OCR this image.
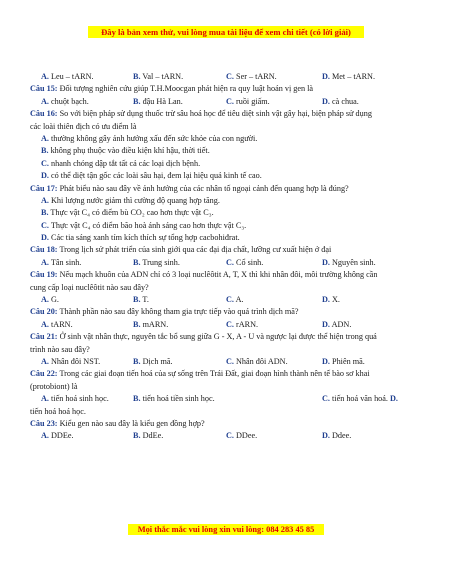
Đây là bản xem thử, vui lòng mua tài liệu để xem chi tiết (có lời giải)
A. Leu – tARN.	B. Val – tARN.	C. Ser – tARN.	D. Met – tARN.
Câu 15: Đối tượng nghiên cứu giúp T.H.Moocgan phát hiện ra quy luật hoán vị gen là
A. chuột bạch.	B. đậu Hà Lan.	C. ruồi giấm.	D. cà chua.
Câu 16: So với biện pháp sử dụng thuốc trừ sâu hoá học để tiêu diệt sinh vật gây hại, biện pháp sử dụng
các loài thiên địch có ưu điểm là
A. thường không gây ảnh hưởng xấu đến sức khỏe của con người.
B. không phụ thuộc vào điều kiện khí hậu, thời tiết.
C. nhanh chóng dập tắt tất cả các loại dịch bệnh.
D. có thể diệt tận gốc các loài sâu hại, đem lại hiệu quả kinh tế cao.
Câu 17: Phát biểu nào sau đây về ảnh hưởng của các nhân tố ngoại cảnh đến quang hợp là đúng?
A. Khi lượng nước giảm thì cường độ quang hợp tăng.
B. Thực vật C₄ có điểm bù CO₂ cao hơn thực vật C₃.
C. Thực vật C₄ có điểm bão hoà ánh sáng cao hơn thực vật C₃.
D. Các tia sáng xanh tím kích thích sự tổng hợp cacbohiđrat.
Câu 18: Trong lịch sử phát triển của sinh giới qua các đại địa chất, lưỡng cư xuất hiện ở đại
A. Tân sinh.	B. Trung sinh.	C. Cổ sinh.	D. Nguyên sinh.
Câu 19: Nếu mạch khuôn của ADN chỉ có 3 loại nuclêôtit A, T, X thì khi nhân đôi, môi trường không cần
cung cấp loại nuclêôtit nào sau đây?
A. G.	B. T.	C. A.	D. X.
Câu 20: Thành phần nào sau đây không tham gia trực tiếp vào quá trình dịch mã?
A. tARN.	B. mARN.	C. rARN.	D. ADN.
Câu 21: Ở sinh vật nhân thực, nguyên tắc bổ sung giữa G - X, A - U và ngược lại được thể hiện trong quá
trình nào sau đây?
A. Nhân đôi NST.	B. Dịch mã.	C. Nhân đôi ADN.	D. Phiên mã.
Câu 22: Trong các giai đoạn tiến hoá của sự sống trên Trái Đất, giai đoạn hình thành nên tế bào sơ khai
(protobiont) là
A. tiến hoá sinh học.	B. tiến hoá tiền sinh học.	C. tiến hoá văn hoá. D.
tiến hoá hoá học.
Câu 23: Kiểu gen nào sau đây là kiểu gen đồng hợp?
A. DDEe.	B. DdEe.	C. DDee.	D. Ddee.
Mọi thắc mắc vui lòng xin vui lòng: 084 283 45 85
